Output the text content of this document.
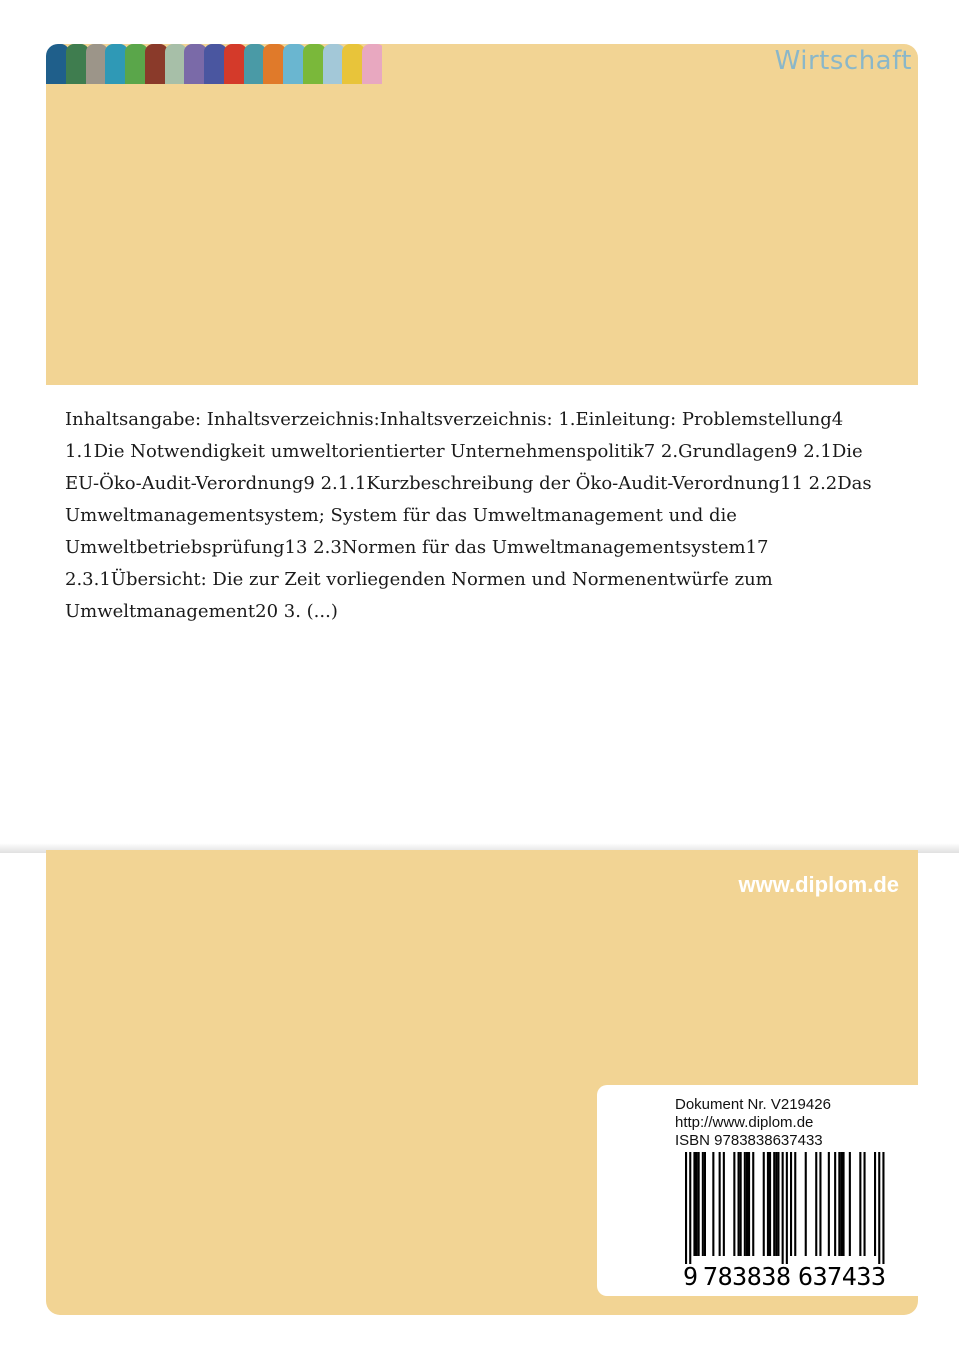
Wirtschaft

Inhaltsangabe: Inhaltsverzeichnis:Inhaltsverzeichnis: 1.Einleitung: Problemstellung4 1.1Die Notwendigkeit umweltorientierter Unternehmenspolitik7 2.Grundlagen9 2.1Die EU-Öko-Audit-Verordnung9 2.1.1Kurzbeschreibung der Öko-Audit-Verordnung11 2.2Das Umweltmanagementsystem; System für das Umweltmanagement und die Umweltbetriebsprüfung13 2.3Normen für das Umweltmanagementsystem17 2.3.1Übersicht: Die zur Zeit vorliegenden Normen und Normenentwürfe zum Umweltmanagement20 3. (...)

www.diplom.de
Dokument Nr. V219426
http://www.diplom.de
ISBN 9783838637433
9 783838 637433
